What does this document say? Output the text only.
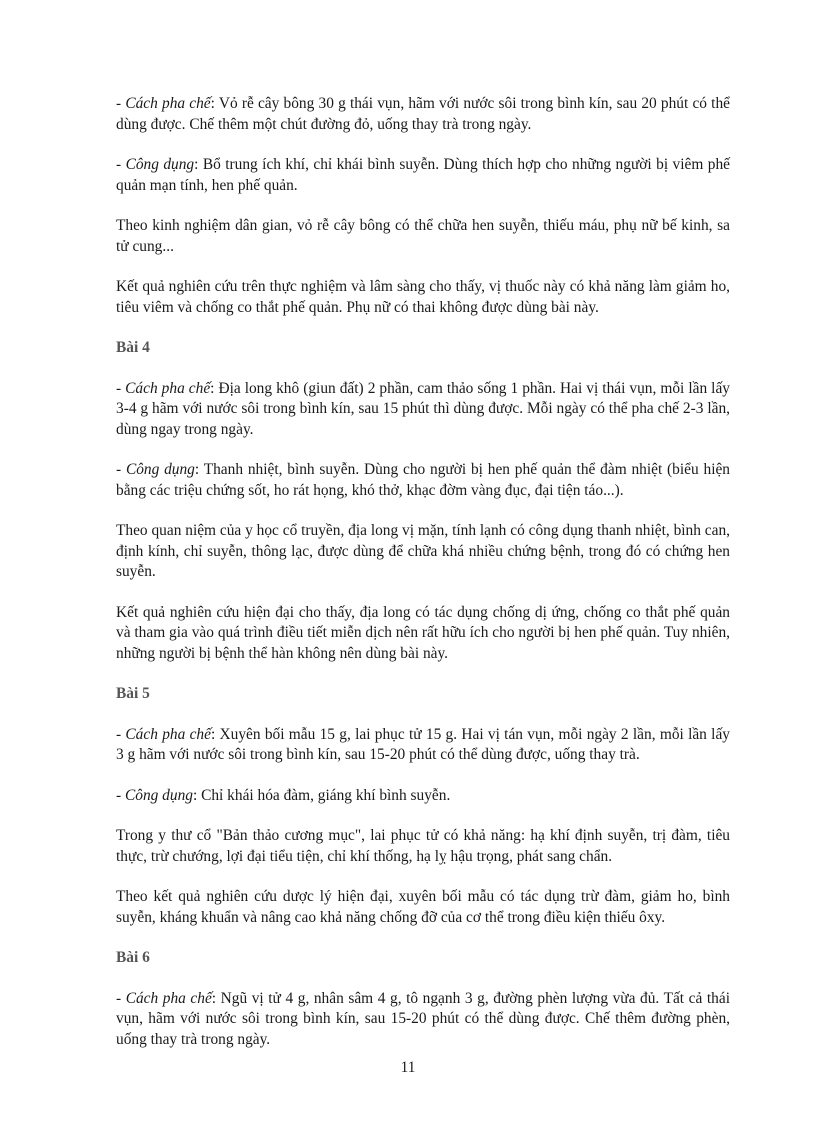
- Cách pha chế: Vỏ rễ cây bông 30 g thái vụn, hãm với nước sôi trong bình kín, sau 20 phút có thể dùng được. Chế thêm một chút đường đỏ, uống thay trà trong ngày.

- Công dụng: Bổ trung ích khí, chỉ khái bình suyễn. Dùng thích hợp cho những người bị viêm phế quản mạn tính, hen phế quản.

Theo kinh nghiệm dân gian, vỏ rễ cây bông có thể chữa hen suyễn, thiếu máu, phụ nữ bế kinh, sa tử cung...

Kết quả nghiên cứu trên thực nghiệm và lâm sàng cho thấy, vị thuốc này có khả năng làm giảm ho, tiêu viêm và chống co thắt phế quản. Phụ nữ có thai không được dùng bài này.

Bài 4

- Cách pha chế: Địa long khô (giun đất) 2 phần, cam thảo sống 1 phần. Hai vị thái vụn, mỗi lần lấy 3-4 g hãm với nước sôi trong bình kín, sau 15 phút thì dùng được. Mỗi ngày có thể pha chế 2-3 lần, dùng ngay trong ngày.

- Công dụng: Thanh nhiệt, bình suyễn. Dùng cho người bị hen phế quản thể đàm nhiệt (biểu hiện bằng các triệu chứng sốt, ho rát họng, khó thở, khạc đờm vàng đục, đại tiện táo...).

Theo quan niệm của y học cổ truyền, địa long vị mặn, tính lạnh có công dụng thanh nhiệt, bình can, định kính, chỉ suyễn, thông lạc, được dùng để chữa khá nhiều chứng bệnh, trong đó có chứng hen suyễn.

Kết quả nghiên cứu hiện đại cho thấy, địa long có tác dụng chống dị ứng, chống co thắt phế quản và tham gia vào quá trình điều tiết miễn dịch nên rất hữu ích cho người bị hen phế quản. Tuy nhiên, những người bị bệnh thể hàn không nên dùng bài này.

Bài 5

- Cách pha chế: Xuyên bối mẫu 15 g, lai phục tử 15 g. Hai vị tán vụn, mỗi ngày 2 lần, mỗi lần lấy 3 g hãm với nước sôi trong bình kín, sau 15-20 phút có thể dùng được, uống thay trà.

- Công dụng: Chỉ khái hóa đàm, giáng khí bình suyễn.

Trong y thư cổ "Bản thảo cương mục", lai phục tử có khả năng: hạ khí định suyễn, trị đàm, tiêu thực, trừ chướng, lợi đại tiểu tiện, chỉ khí thống, hạ lỵ hậu trọng, phát sang chẩn.

Theo kết quả nghiên cứu dược lý hiện đại, xuyên bối mẫu có tác dụng trừ đàm, giảm ho, bình suyễn, kháng khuẩn và nâng cao khả năng chống đỡ của cơ thể trong điều kiện thiếu ôxy.

Bài 6

- Cách pha chế: Ngũ vị tử 4 g, nhân sâm 4 g, tô ngạnh 3 g, đường phèn lượng vừa đủ. Tất cả thái vụn, hãm với nước sôi trong bình kín, sau 15-20 phút có thể dùng được. Chế thêm đường phèn, uống thay trà trong ngày.

11
